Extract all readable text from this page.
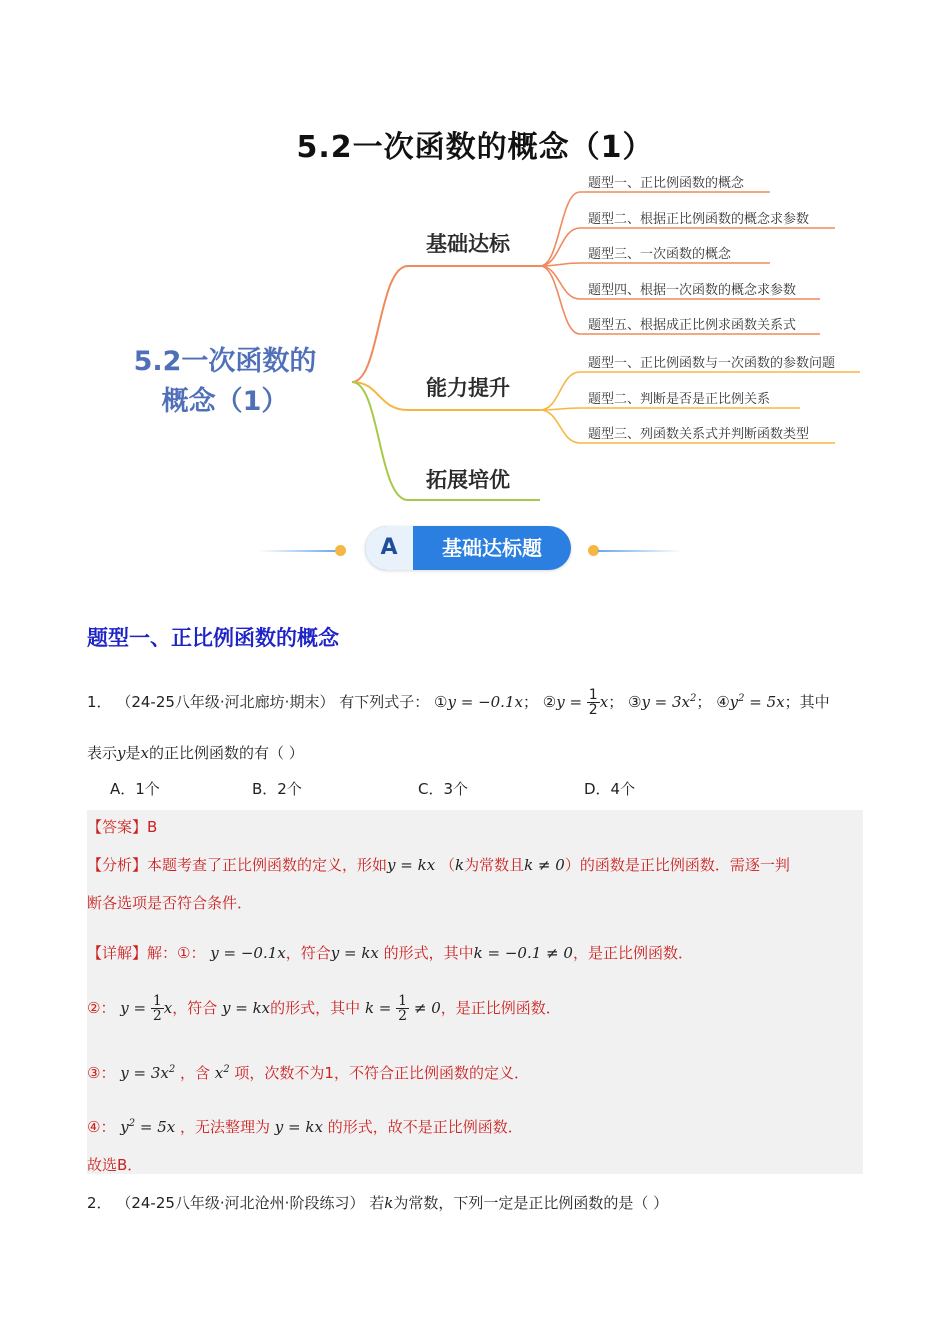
5.2一次函数的概念（1）
5.2一次函数的
概念（1）
基础达标
能力提升
拓展培优
题型一、正比例函数的概念
题型二、根据正比例函数的概念求参数
题型三、一次函数的概念
题型四、根据一次函数的概念求参数
题型五、根据成正比例求函数关系式
题型一、正比例函数与一次函数的参数问题
题型二、判断是否是正比例关系
题型三、列函数关系式并判断函数类型
A	基础达标题
题型一、正比例函数的概念
1． （24-25八年级·河北廊坊·期末） 有下列式子： ①y = −0.1x； ②y = $\frac{1}{2}$ x； ③y = $3x^2$； $④y^2 = 5x$；其中
表示y是x的正比例函数的有（ ）
A．1个	B．2个	C．3个	D．4个
【答案】B
【分析】本题考查了正比例函数的定义，形如y = kx （k为常数且k ≠ 0）的函数是正比例函数．需逐一判
断各选项是否符合条件．
【详解】解：①： y = −0.1x，符合y = kx 的形式，其中k = −0.1 ≠ 0，是正比例函数．
②： $y = \frac{1}{2}$ x，符合 y = kx的形式，其中 $k = \frac{1}{2} \ne 0$，是正比例函数．
③： $y = 3x^2$ ，含 $x^2$ 项，次数不为1，不符合正比例函数的定义．
④： $y^2 = 5x$ ，无法整理为 y = kx 的形式，故不是正比例函数．
故选B．
2． （24-25八年级·河北沧州·阶段练习） 若k为常数，下列一定是正比例函数的是（ ）
